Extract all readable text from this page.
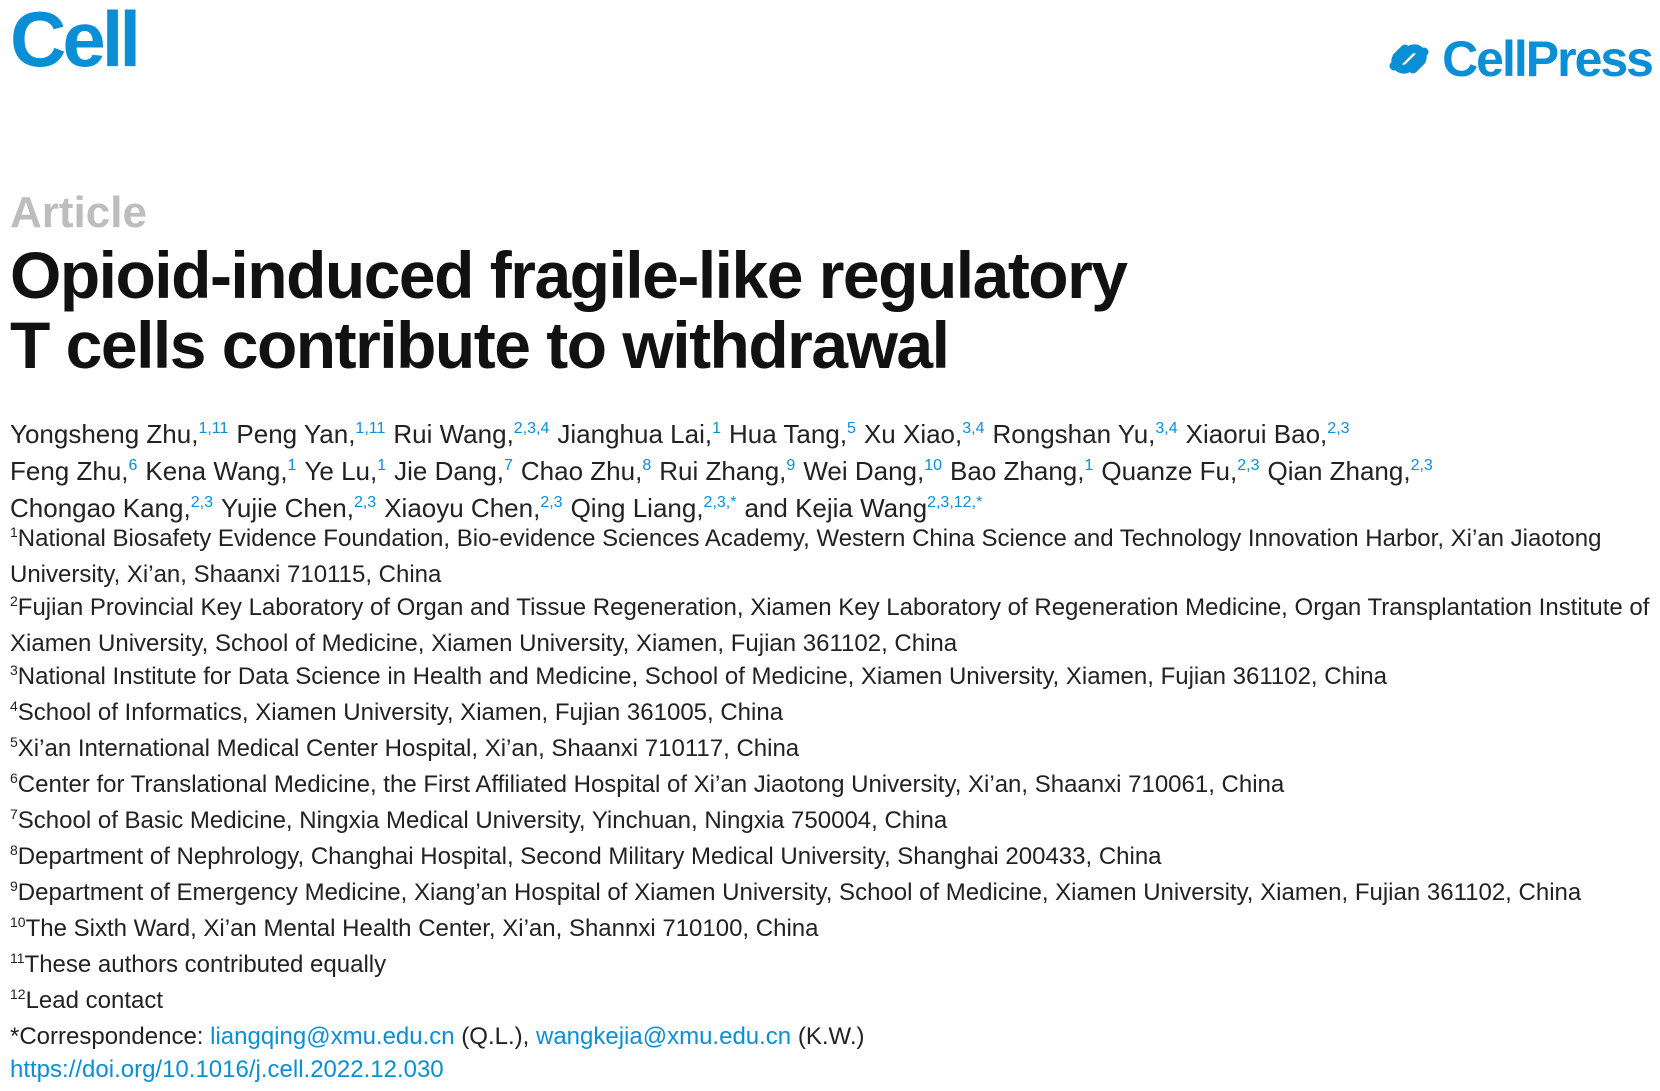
Cell	CellPress
Article
Opioid-induced fragile-like regulatory
T cells contribute to withdrawal
Yongsheng Zhu,$^{1,11}$ Peng Yan,$^{1,11}$ Rui Wang,$^{2,3,4}$ Jianghua Lai,$^1$ Hua Tang,$^5$ Xu Xiao,$^{3,4}$ Rongshan Yu,$^{3,4}$ Xiaorui Bao,$^{2,3}$
Feng Zhu,$^6$ Kena Wang,$^1$ Ye Lu,$^1$ Jie Dang,$^7$ Chao Zhu,$^8$ Rui Zhang,$^9$ Wei Dang,$^{10}$ Bao Zhang,$^1$ Quanze Fu,$^{2,3}$ Qian Zhang,$^{2,3}$
Chongao Kang,$^{2,3}$ Yujie Chen,$^{2,3}$ Xiaoyu Chen,$^{2,3}$ Qing Liang,$^{2,3,*}$ and Kejia Wang$^{2,3,12,*}$
$^1$National Biosafety Evidence Foundation, Bio-evidence Sciences Academy, Western China Science and Technology Innovation Harbor, Xi’an Jiaotong University, Xi’an, Shaanxi 710115, China
$^2$Fujian Provincial Key Laboratory of Organ and Tissue Regeneration, Xiamen Key Laboratory of Regeneration Medicine, Organ Transplantation Institute of Xiamen University, School of Medicine, Xiamen University, Xiamen, Fujian 361102, China
$^3$National Institute for Data Science in Health and Medicine, School of Medicine, Xiamen University, Xiamen, Fujian 361102, China
$^4$School of Informatics, Xiamen University, Xiamen, Fujian 361005, China
$^5$Xi’an International Medical Center Hospital, Xi’an, Shaanxi 710117, China
$^6$Center for Translational Medicine, the First Affiliated Hospital of Xi’an Jiaotong University, Xi’an, Shaanxi 710061, China
$^7$School of Basic Medicine, Ningxia Medical University, Yinchuan, Ningxia 750004, China
$^8$Department of Nephrology, Changhai Hospital, Second Military Medical University, Shanghai 200433, China
$^9$Department of Emergency Medicine, Xiang’an Hospital of Xiamen University, School of Medicine, Xiamen University, Xiamen, Fujian 361102, China
$^{10}$The Sixth Ward, Xi’an Mental Health Center, Xi’an, Shannxi 710100, China
$^{11}$These authors contributed equally
$^{12}$Lead contact
*Correspondence: liangqing@xmu.edu.cn (Q.L.), wangkejia@xmu.edu.cn (K.W.)
https://doi.org/10.1016/j.cell.2022.12.030
